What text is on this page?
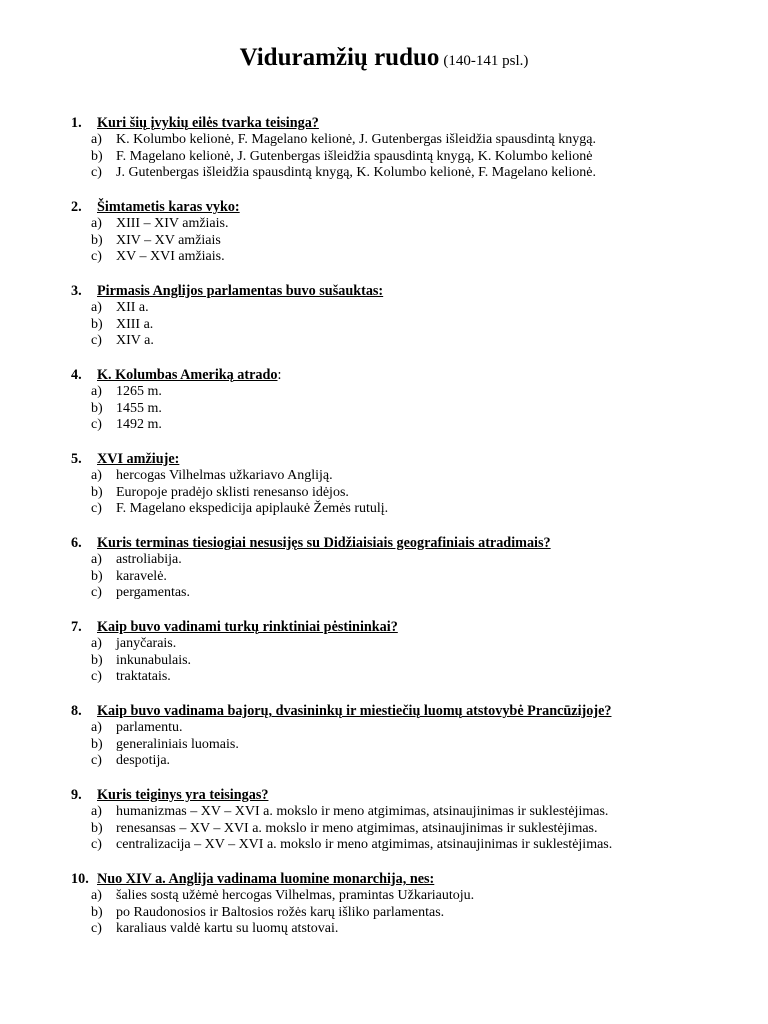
Viduramžių ruduo (140-141 psl.)
1. Kuri šių įvykių eilės tvarka teisinga?
a) K. Kolumbo kelionė, F. Magelano kelionė, J. Gutenbergas išleidžia spausdintą knygą.
b) F. Magelano kelionė, J. Gutenbergas išleidžia spausdintą knygą, K. Kolumbo kelionė
c) J. Gutenbergas išleidžia spausdintą knygą, K. Kolumbo kelionė, F. Magelano kelionė.
2. Šimtametis karas vyko:
a) XIII – XIV amžiais.
b) XIV – XV amžiais
c) XV – XVI amžiais.
3. Pirmasis Anglijos parlamentas buvo sušauktas:
a) XII a.
b) XIII a.
c) XIV a.
4. K. Kolumbas Ameriką atrado:
a) 1265 m.
b) 1455 m.
c) 1492 m.
5. XVI amžiuje:
a) hercogas Vilhelmas užkariavo Angliją.
b) Europoje pradėjo sklisti renesanso idėjos.
c) F. Magelano ekspedicija apiplaukė Žemės rutulį.
6. Kuris terminas tiesiogiai nesusijęs su Didžiaisiais geografiniais atradimais?
a) astroliabija.
b) karavelė.
c) pergamentas.
7. Kaip buvo vadinami turkų rinktiniai pėstininkai?
a) janyčarais.
b) inkunabulais.
c) traktatais.
8. Kaip buvo vadinama bajorų, dvasininkų ir miestiečių luomų atstovybė Prancūzijoje?
a) parlamentu.
b) generaliniais luomais.
c) despotija.
9. Kuris teiginys yra teisingas?
a) humanizmas – XV – XVI a. mokslo ir meno atgimimas, atsinaujinimas ir suklestėjimas.
b) renesansas – XV – XVI a. mokslo ir meno atgimimas, atsinaujinimas ir suklestėjimas.
c) centralizacija – XV – XVI a. mokslo ir meno atgimimas, atsinaujinimas ir suklestėjimas.
10. Nuo XIV a. Anglija vadinama luomine monarchija, nes:
a) šalies sostą užėmė hercogas Vilhelmas, pramintas Užkariautoju.
b) po Raudonosios ir Baltosios rožės karų išliko parlamentas.
c) karaliaus valdė kartu su luomų atstovai.
